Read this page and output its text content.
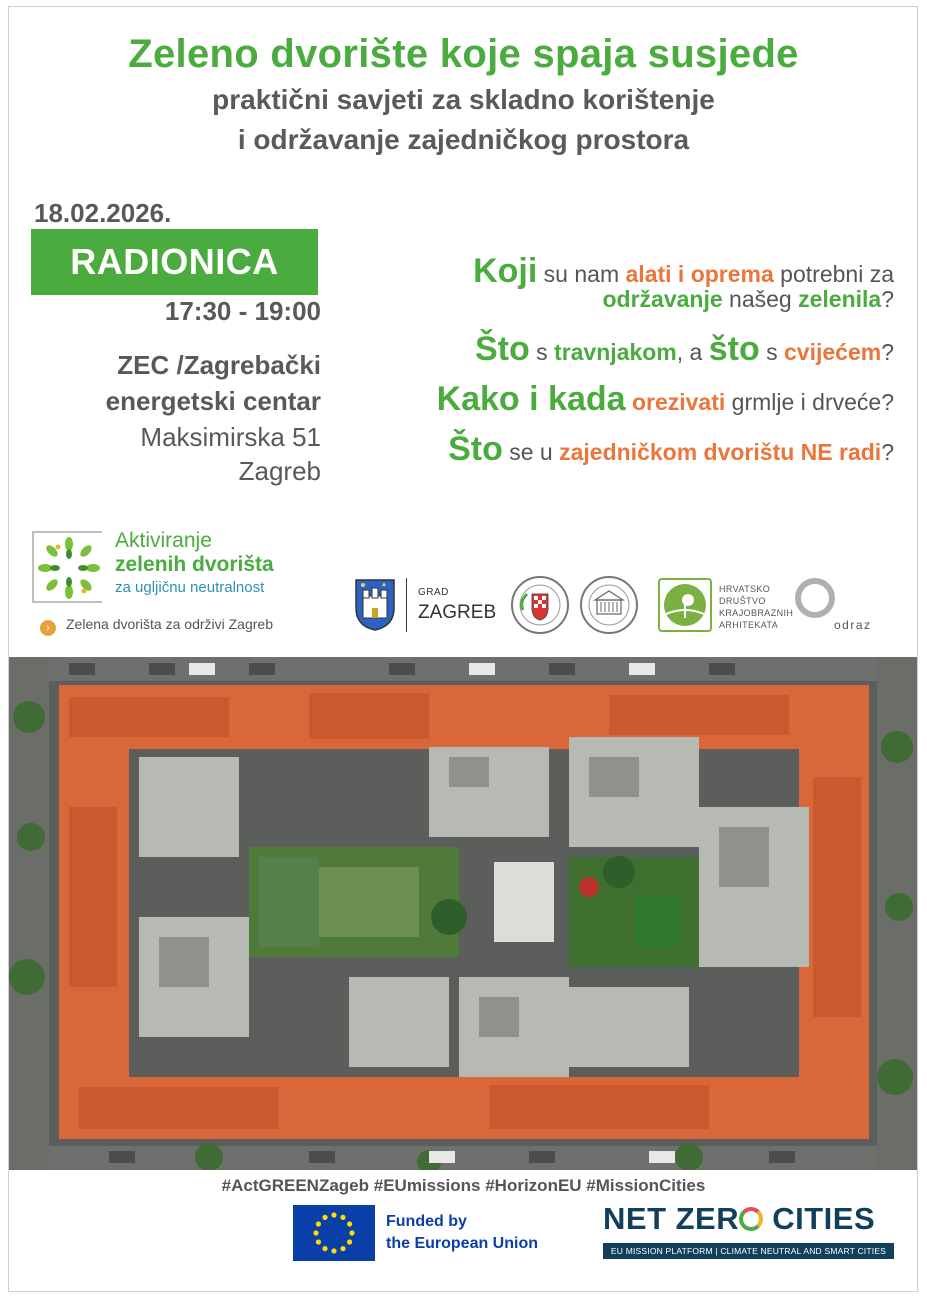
Zeleno dvorište koje spaja susjede
praktični savjeti za skladno korištenje
i održavanje zajedničkog prostora
18.02.2026.
RADIONICA
17:30 - 19:00
ZEC /Zagrebački
energetski centar
Maksimirska 51
Zagreb
Koji su nam alati i oprema potrebni za
održavanje našeg zelenila?
Što s travnjakom, a što s cvijećem?
Kako i kada orezivati grmlje i drveće?
Što se u zajedničkom dvorištu NE radi?
Aktiviranje
zelenih dvorišta
za ugljičnu neutralnost
› Zelena dvorišta za održivi Zagreb
GRAD
ZAGREB
HRVATSKO
DRUŠTVO
KRAJOBRAZNIH
ARHITEKATA	odraz
#ActGREENZageb #EUmissions #HorizonEU #MissionCities
Funded by
the European Union
NET ZER CITIES
EU MISSION PLATFORM | CLIMATE NEUTRAL AND SMART CITIES
